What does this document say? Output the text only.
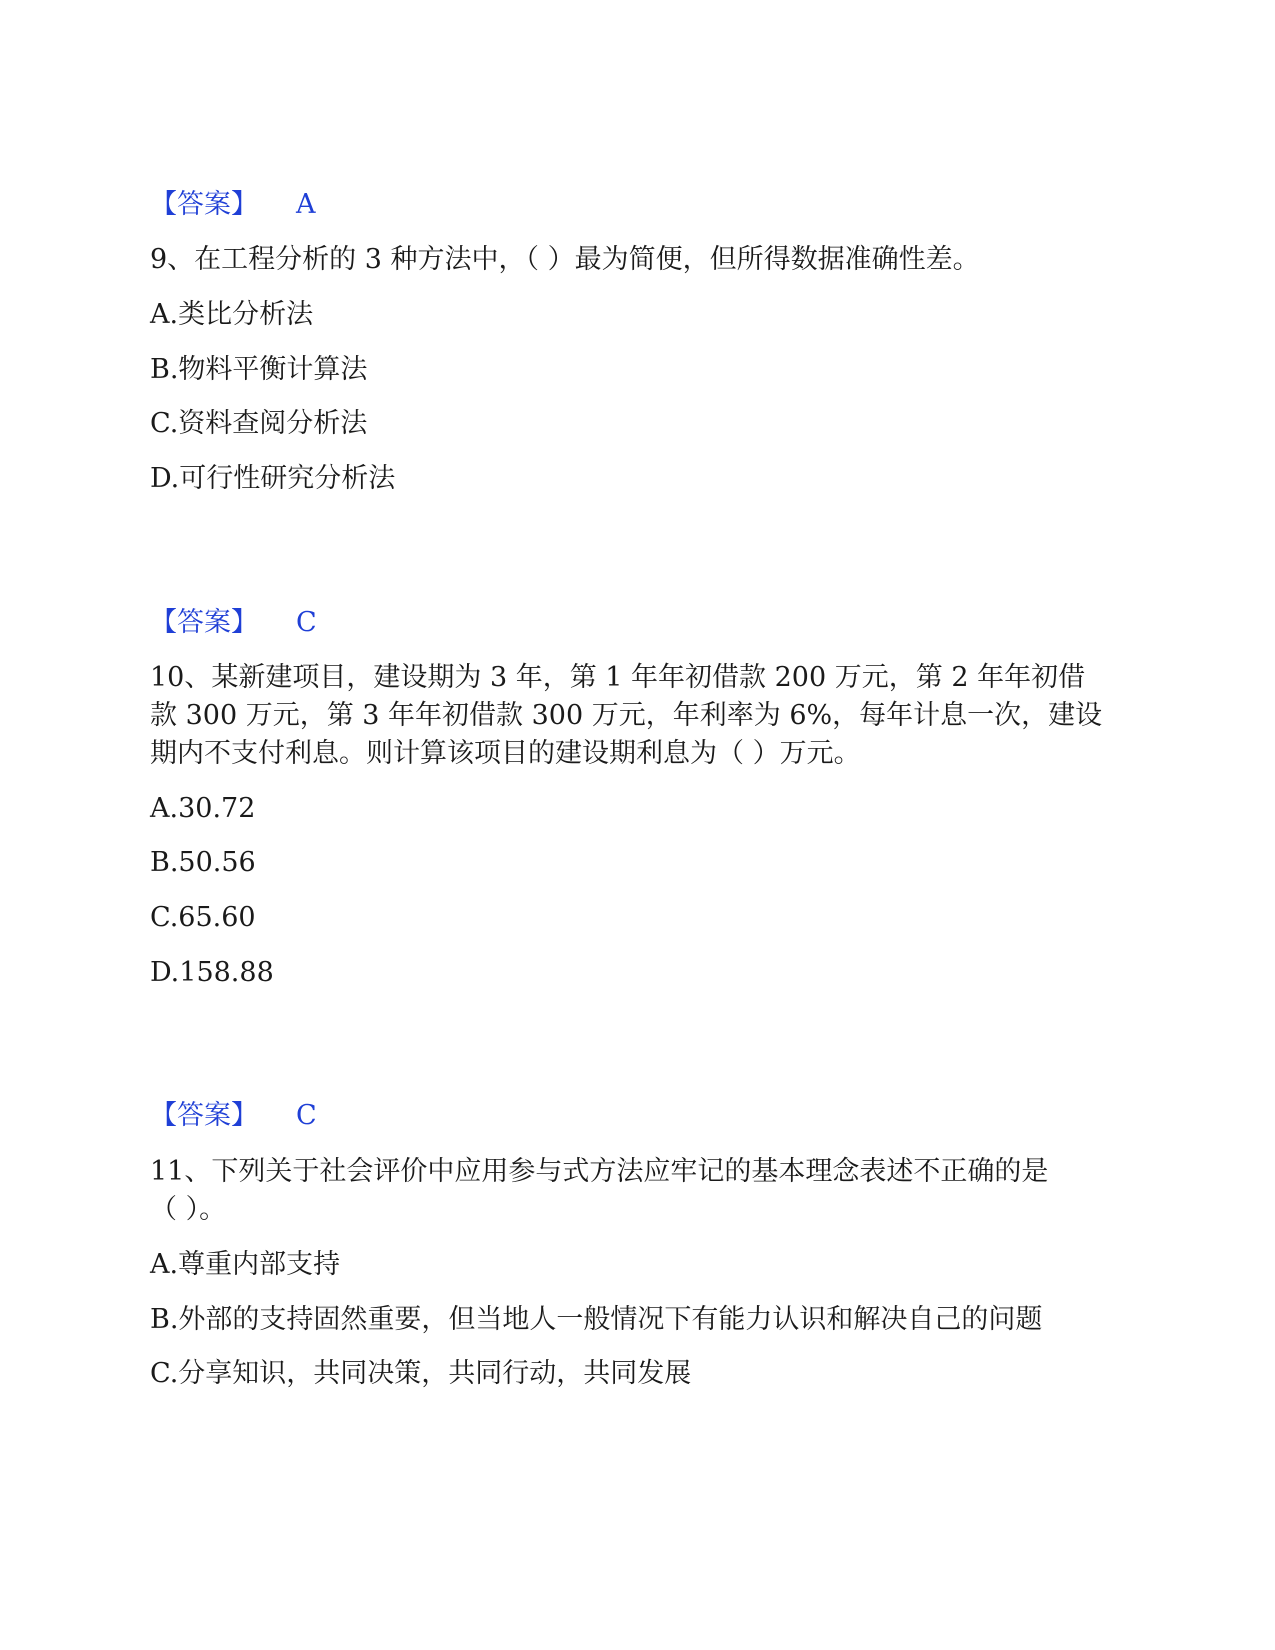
【答案】 A
9、在工程分析的 3 种方法中，（ ）最为简便，但所得数据准确性差。
A.类比分析法
B.物料平衡计算法
C.资料查阅分析法
D.可行性研究分析法
【答案】 C
10、某新建项目，建设期为 3 年，第 1 年年初借款 200 万元，第 2 年年初借
款 300 万元，第 3 年年初借款 300 万元，年利率为 6%，每年计息一次，建设
期内不支付利息。则计算该项目的建设期利息为（ ）万元。
A.30.72
B.50.56
C.65.60
D.158.88
【答案】 C
11、下列关于社会评价中应用参与式方法应牢记的基本理念表述不正确的是
（ ）。
A.尊重内部支持
B.外部的支持固然重要，但当地人一般情况下有能力认识和解决自己的问题
C.分享知识，共同决策，共同行动，共同发展
